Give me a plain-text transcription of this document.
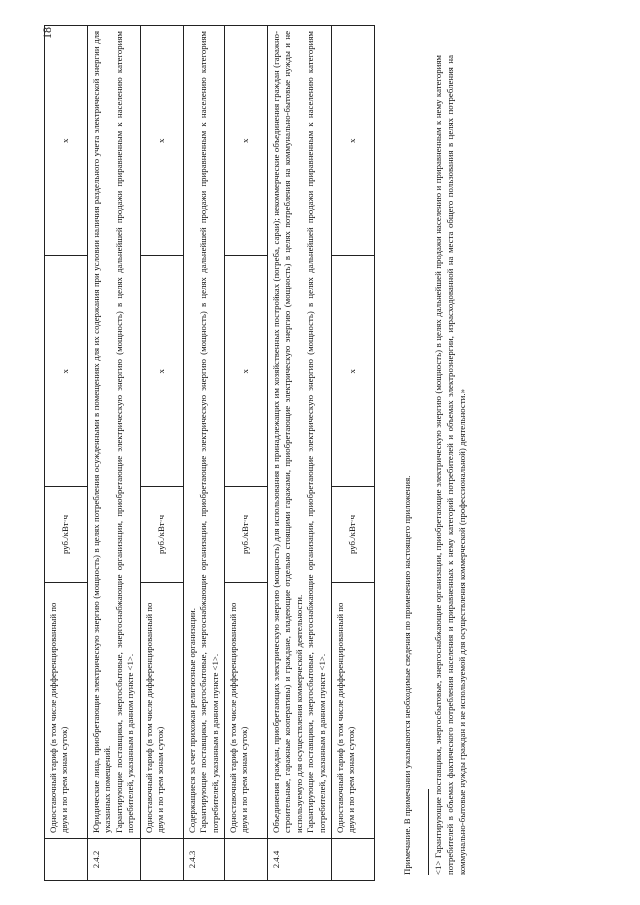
18
	Одноставочный тариф (в том числе дифференцированный по двум и по трем зонам суток)	руб./кВт·ч	x	x
2.4.2	Юридические лица, приобретающие электрическую энергию (мощность) в целях потребления осужденными в помещениях для их содержания при условии наличия раздельного учета электрической энергии для указанных помещений. Гарантирующие поставщики, энергосбытовые, энергоснабжающие организации, приобретающие электрическую энергию (мощность) в целях дальнейшей продажи приравненным к населению категориям потребителей, указанным в данном пункте <1>.			

	Одноставочный тариф (в том числе дифференцированный по двум и по трем зонам суток)	руб./кВт·ч	x	x
2.4.3	Содержащиеся за счет прихожан религиозные организации. Гарантирующие поставщики, энергосбытовые, энергоснабжающие организации, приобретающие электрическую энергию (мощность) в целях дальнейшей продажи приравненным к населению категориям потребителей, указанным в данном пункте <1>.			

	Одноставочный тариф (в том числе дифференцированный по двум и по трем зонам суток)	руб./кВт·ч	x	x
2.4.4	Объединения граждан, приобретающих электрическую энергию (мощность) для использования в принадлежащих им хозяйственных постройках (погреба, сараи); некоммерческие объединения граждан (гаражно-строительные, гаражные кооперативы) и граждане, владеющие отдельно стоящими гаражами, приобретающие электрическую энергию (мощность) в целях потребления на коммунально-бытовые нужды и не используемую для осуществления коммерческой деятельности. Гарантирующие поставщики, энергосбытовые, энергоснабжающие организации, приобретающие электрическую энергию (мощность) в целях дальнейшей продажи приравненным к населению категориям потребителей, указанным в данном пункте <1>.			

	Одноставочный тариф (в том числе дифференцированный по двум и по трем зонам суток)	руб./кВт·ч	x	x

Примечание. В примечании указываются необходимые сведения по применению настоящего приложения. <1> Гарантирующие поставщики, энергосбытовые, энергоснабжающие организации, приобретающие электрическую энергию (мощность) в целях дальнейшей продажи населению и приравненным к нему категориям потребителей в объемах фактического потребления населения и приравненных к нему категорий потребителей и объемах электроэнергии, израсходованной на места общего пользования в целях потребления на коммунально-бытовые нужды граждан и не используемой для осуществления коммерческой (профессиональной) деятельности.»
